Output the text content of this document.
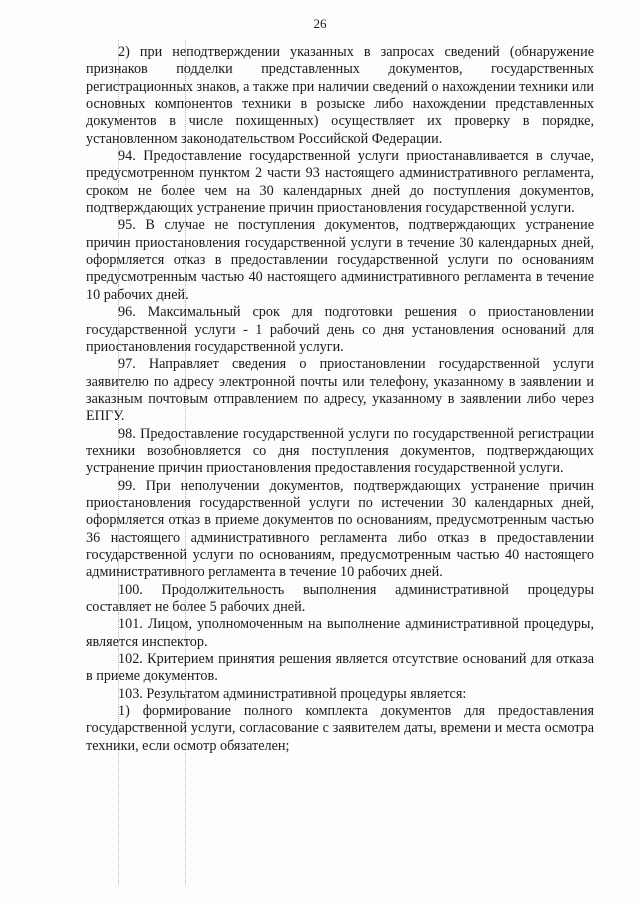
26

2) при неподтверждении указанных в запросах сведений (обнаружение признаков подделки представленных документов, государственных регистрационных знаков, а также при наличии сведений о нахождении техники или основных компонентов техники в розыске либо нахождении представленных документов в числе похищенных) осуществляет их проверку в порядке, установленном законодательством Российской Федерации.

94. Предоставление государственной услуги приостанавливается в случае, предусмотренном пунктом 2 части 93 настоящего административного регламента, сроком не более чем на 30 календарных дней до поступления документов, подтверждающих устранение причин приостановления государственной услуги.

95. В случае не поступления документов, подтверждающих устранение причин приостановления государственной услуги в течение 30 календарных дней, оформляется отказ в предоставлении государственной услуги по основаниям предусмотренным частью 40 настоящего административного регламента в течение 10 рабочих дней.

96. Максимальный срок для подготовки решения о приостановлении государственной услуги - 1 рабочий день со дня установления оснований для приостановления государственной услуги.

97. Направляет сведения о приостановлении государственной услуги заявителю по адресу электронной почты или телефону, указанному в заявлении и заказным почтовым отправлением по адресу, указанному в заявлении либо через ЕПГУ.

98. Предоставление государственной услуги по государственной регистрации техники возобновляется со дня поступления документов, подтверждающих устранение причин приостановления предоставления государственной услуги.

99. При неполучении документов, подтверждающих устранение причин приостановления государственной услуги по истечении 30 календарных дней, оформляется отказ в приеме документов по основаниям, предусмотренным частью 36 настоящего административного регламента либо отказ в предоставлении государственной услуги по основаниям, предусмотренным частью 40 настоящего административного регламента в течение 10 рабочих дней.

100. Продолжительность выполнения административной процедуры составляет не более 5 рабочих дней.

101. Лицом, уполномоченным на выполнение административной процедуры, является инспектор.

102. Критерием принятия решения является отсутствие оснований для отказа в приеме документов.

103. Результатом административной процедуры является:

1) формирование полного комплекта документов для предоставления государственной услуги, согласование с заявителем даты, времени и места осмотра техники, если осмотр обязателен;
